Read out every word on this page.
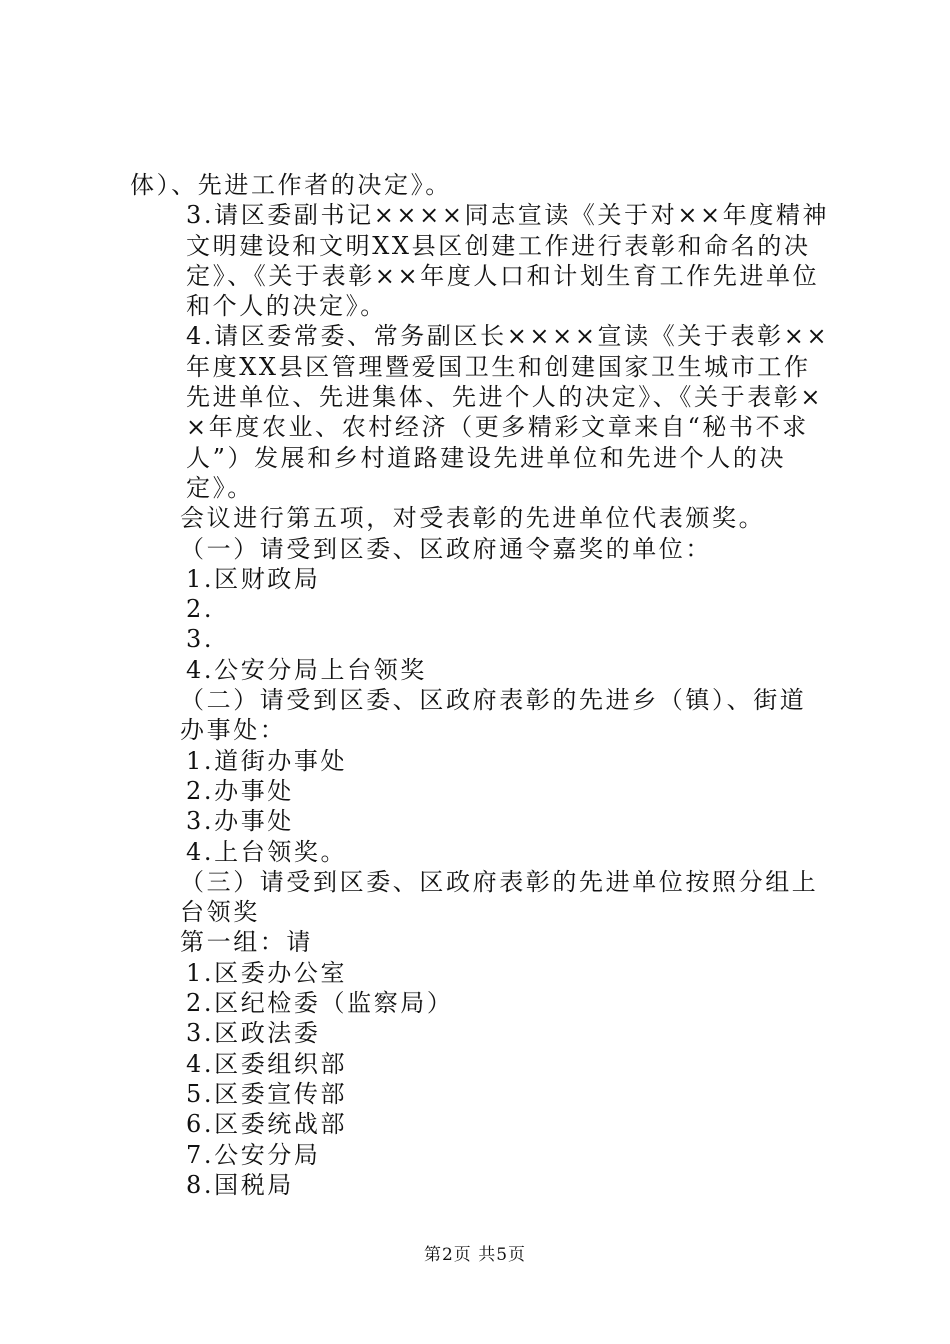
体）、先进工作者的决定》。

3.请区委副书记××××同志宣读《关于对××年度精神文明建设和文明XX县区创建工作进行表彰和命名的决定》、《关于表彰××年度人口和计划生育工作先进单位和个人的决定》。

4.请区委常委、常务副区长××××宣读《关于表彰××年度XX县区管理暨爱国卫生和创建国家卫生城市工作先进单位、先进集体、先进个人的决定》、《关于表彰××年度农业、农村经济（更多精彩文章来自“秘书不求人”）发展和乡村道路建设先进单位和先进个人的决定》。

会议进行第五项，对受表彰的先进单位代表颁奖。

（一）请受到区委、区政府通令嘉奖的单位：

1.区财政局

2.

3.

4.公安分局上台领奖

（二）请受到区委、区政府表彰的先进乡（镇）、街道办事处：

1.道街办事处

2.办事处

3.办事处

4.上台领奖。

（三）请受到区委、区政府表彰的先进单位按照分组上台领奖

第一组：请

1.区委办公室

2.区纪检委（监察局）

3.区政法委

4.区委组织部

5.区委宣传部

6.区委统战部

7.公安分局

8.国税局

第2页 共5页
